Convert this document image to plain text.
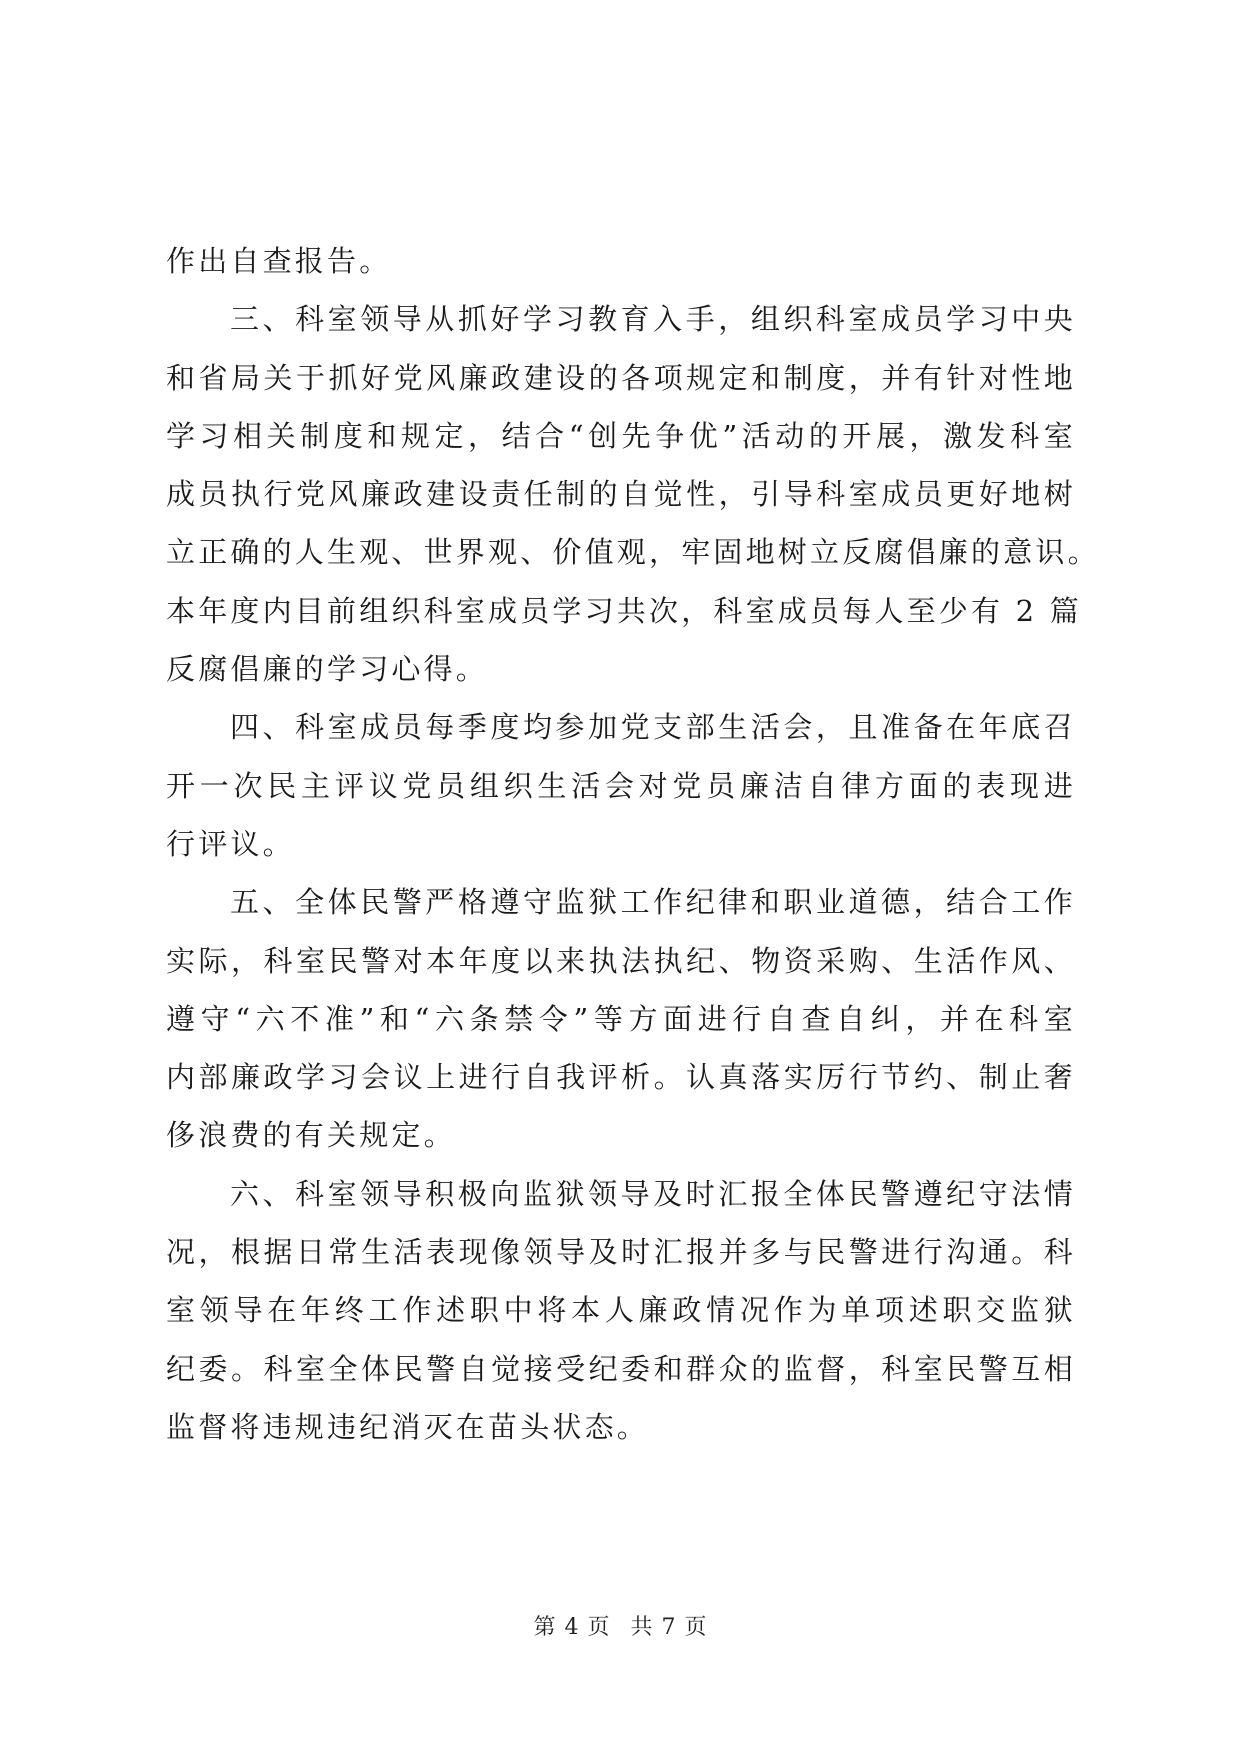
作出自查报告。
三、科室领导从抓好学习教育入手，组织科室成员学习中央
和省局关于抓好党风廉政建设的各项规定和制度，并有针对性地
学习相关制度和规定，结合“创先争优”活动的开展，激发科室
成员执行党风廉政建设责任制的自觉性，引导科室成员更好地树
立正确的人生观、世界观、价值观，牢固地树立反腐倡廉的意识。
本年度内目前组织科室成员学习共次，科室成员每人至少有 2 篇
反腐倡廉的学习心得。
四、科室成员每季度均参加党支部生活会，且准备在年底召
开一次民主评议党员组织生活会对党员廉洁自律方面的表现进
行评议。
五、全体民警严格遵守监狱工作纪律和职业道德，结合工作
实际，科室民警对本年度以来执法执纪、物资采购、生活作风、
遵守“六不准”和“六条禁令”等方面进行自查自纠，并在科室
内部廉政学习会议上进行自我评析。认真落实厉行节约、制止奢
侈浪费的有关规定。
六、科室领导积极向监狱领导及时汇报全体民警遵纪守法情
况，根据日常生活表现像领导及时汇报并多与民警进行沟通。科
室领导在年终工作述职中将本人廉政情况作为单项述职交监狱
纪委。科室全体民警自觉接受纪委和群众的监督，科室民警互相
监督将违规违纪消灭在苗头状态。
第 4 页 共 7 页
